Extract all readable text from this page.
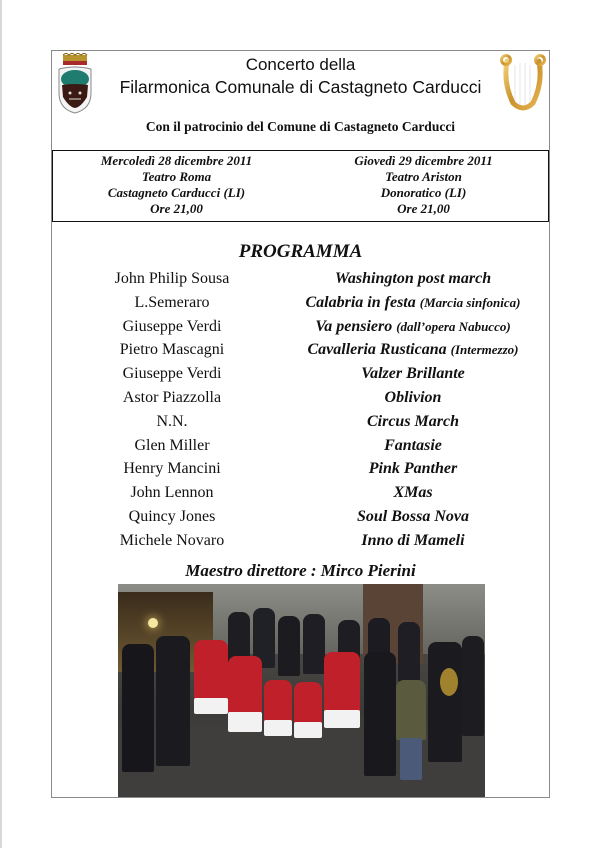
Concerto della
Filarmonica Comunale di Castagneto Carducci
Con il patrocinio del Comune di Castagneto Carducci
Mercoledì 28 dicembre 2011
Teatro Roma
Castagneto Carducci (LI)
Ore 21,00
Giovedì 29 dicembre 2011
Teatro Ariston
Donoratico (LI)
Ore 21,00
PROGRAMMA
John Philip Sousa	Washington post march
L.Semeraro	Calabria in festa (Marcia sinfonica)
Giuseppe Verdi	Va pensiero (dall’opera Nabucco)
Pietro Mascagni	Cavalleria Rusticana (Intermezzo)
Giuseppe Verdi	Valzer Brillante
Astor Piazzolla	Oblivion
N.N.	Circus March
Glen Miller	Fantasie
Henry Mancini	Pink Panther
John Lennon	XMas
Quincy Jones	Soul Bossa Nova
Michele Novaro	Inno di Mameli
Maestro direttore : Mirco Pierini
